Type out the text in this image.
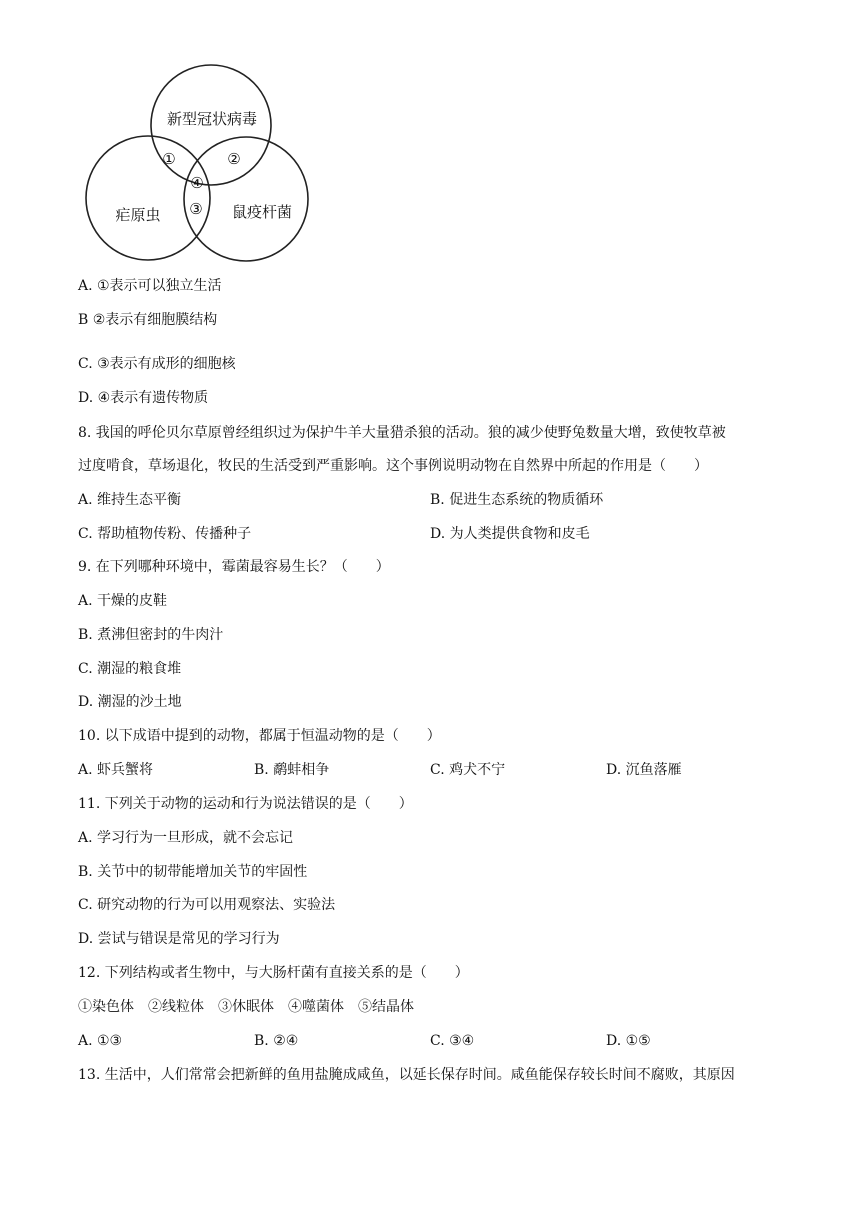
新型冠状病毒
疟原虫	鼠疫杆菌
①	②
③
④
A. ①表示可以独立生活
B ②表示有细胞膜结构
C. ③表示有成形的细胞核
D. ④表示有遗传物质
8. 我国的呼伦贝尔草原曾经组织过为保护牛羊大量猎杀狼的活动。狼的减少使野兔数量大增，致使牧草被
过度啃食，草场退化，牧民的生活受到严重影响。这个事例说明动物在自然界中所起的作用是（　　）
A. 维持生态平衡	B. 促进生态系统的物质循环
C. 帮助植物传粉、传播种子	D. 为人类提供食物和皮毛
9. 在下列哪种环境中，霉菌最容易生长？（　　）
A. 干燥的皮鞋
B. 煮沸但密封的牛肉汁
C. 潮湿的粮食堆
D. 潮湿的沙土地
10. 以下成语中提到的动物，都属于恒温动物的是（　　）
A. 虾兵蟹将	B. 鹬蚌相争	C. 鸡犬不宁	D. 沉鱼落雁
11. 下列关于动物的运动和行为说法错误的是（　　）
A. 学习行为一旦形成，就不会忘记
B. 关节中的韧带能增加关节的牢固性
C. 研究动物的行为可以用观察法、实验法
D. 尝试与错误是常见的学习行为
12. 下列结构或者生物中，与大肠杆菌有直接关系的是（　　）
①染色体　②线粒体　③休眠体　④噬菌体　⑤结晶体
A. ①③	B. ②④	C. ③④	D. ①⑤
13. 生活中，人们常常会把新鲜的鱼用盐腌成咸鱼，以延长保存时间。咸鱼能保存较长时间不腐败，其原因
